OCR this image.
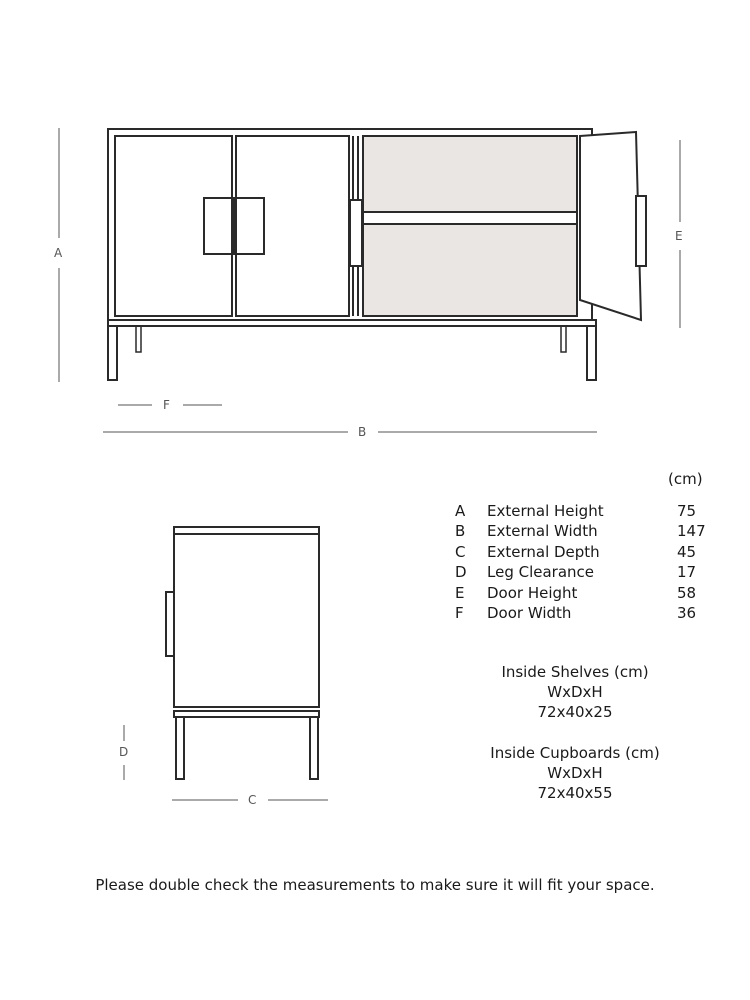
A
E
F
B
D
C
(cm)
A	External Height	75
B	External Width	147
C	External Depth	45
D	Leg Clearance	17
E	Door Height	58
F	Door Width	36
Inside Shelves (cm)
WxDxH
72x40x25
Inside Cupboards (cm)
WxDxH
72x40x55
Please double check the measurements to make sure it will fit your space.
